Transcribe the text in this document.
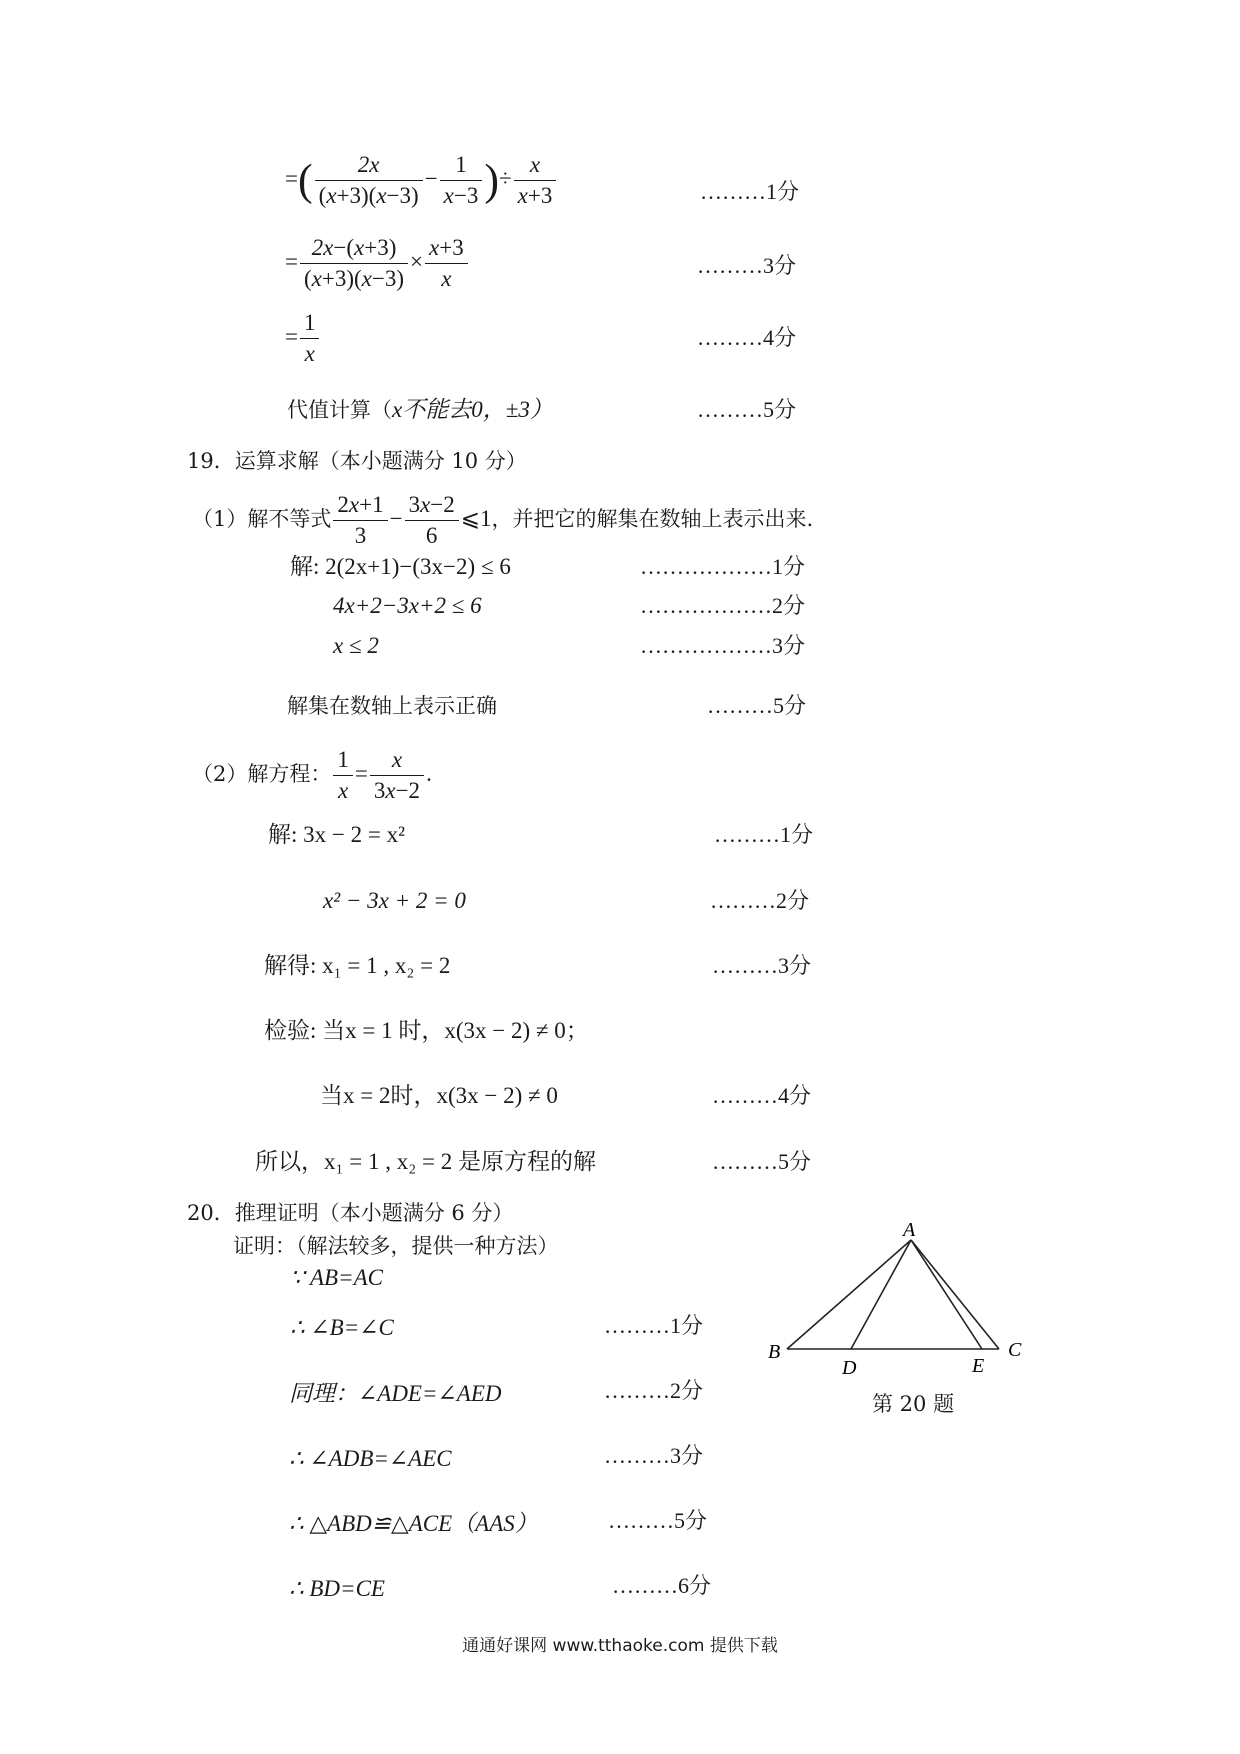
=( $\frac{2x}{(x+3)(x-3)} - \frac{1}{x-3}$ )÷ $\frac{x}{x+3}$	………1分
= $\frac{2x-(x+3)}{(x+3)(x-3)} \times \frac{x+3}{x}$	………3分
= $\frac{1}{x}$	………4分
代值计算（x不能去0，±3）	………5分
19．运算求解（本小题满分 10 分）
（1）解不等式 $\frac{2x+1}{3} - \frac{3x-2}{6}$ ⩽1，并把它的解集在数轴上表示出来.
解: 2(2x+1)−(3x−2) ≤ 6	………………1分
4x+2−3x+2 ≤ 6	………………2分
x ≤ 2	………………3分
解集在数轴上表示正确	………5分
（2）解方程： $\frac{1}{x} = \frac{x}{3x-2}$ .
解: 3x − 2 = x²	………1分
x² − 3x + 2 = 0	………2分
解得: x₁ = 1 , x₂ = 2	………3分
检验: 当x = 1 时，x(3x − 2) ≠ 0；
当x = 2时，x(3x − 2) ≠ 0	………4分
所以，x₁ = 1 , x₂ = 2 是原方程的解	………5分
20．推理证明（本小题满分 6 分）
证明：（解法较多，提供一种方法）
∵ AB=AC
∴ ∠B=∠C	………1分
同理：∠ADE=∠AED	………2分
∴ ∠ADB=∠AEC	………3分
∴ △ABD≌△ACE（AAS）	………5分
∴ BD=CE	………6分
A
B	C
D	E
第 20 题
通通好课网 www.tthaoke.com 提供下载
